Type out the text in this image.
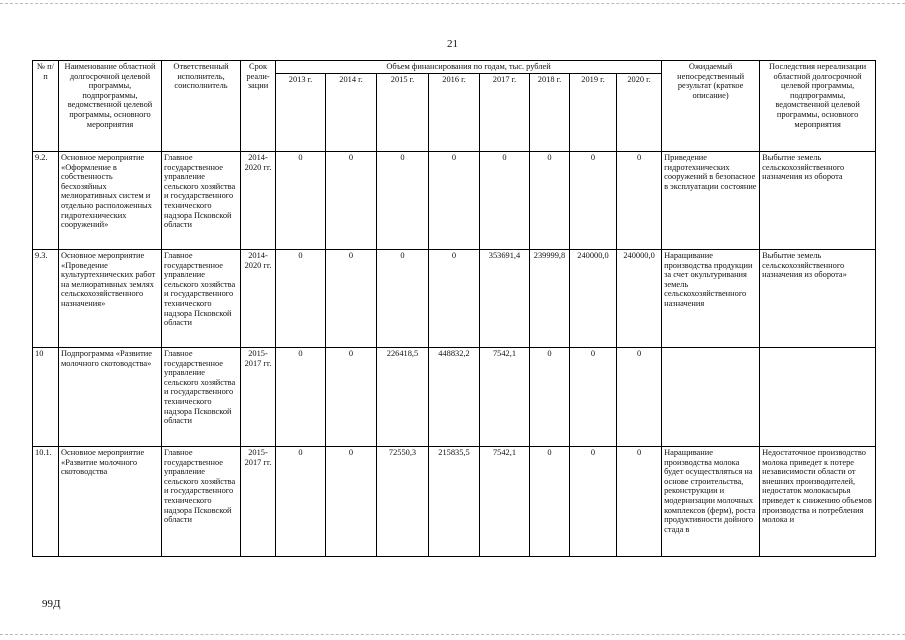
21
№ п/п	Наименование областной долгосрочной целевой программы, подпрограммы, ведомственной целевой программы, основного мероприятия	Ответственный исполнитель, соисполнитель	Срок реали-зации	Объем финансирования по годам, тыс. рублей								Ожидаемый непосредственный результат (краткое описание)	Последствия нереализации областной долгосрочной целевой программы, подпрограммы, ведомственной целевой программы, основного мероприятия
				2013 г.	2014 г.	2015 г.	2016 г.	2017 г.	2018 г.	2019 г.	2020 г.		
9.2.	Основное мероприятие «Оформление в собственность бесхозяйных мелиоративных систем и отдельно расположенных гидротехнических сооружений»	Главное государственное управление сельского хозяйства и государственного технического надзора Псковской области	2014-2020 гг.	0	0	0	0	0	0	0	0	Приведение гидротехнических сооружений в безопасное в эксплуатации состояние	Выбытие земель сельскохозяйственного назначения из оборота
9.3.	Основное мероприятие «Проведение культуртехнических работ на мелиоративных землях сельскохозяйственного назначения»	Главное государственное управление сельского хозяйства и государственного технического надзора Псковской области	2014-2020 гг.	0	0	0	0	353691,4	239999,8	240000,0	240000,0	Наращивание производства продукции за счет окультуривания земель сельскохозяйственного назначения	Выбытие земель сельскохозяйственного назначения из оборота»
10	Подпрограмма «Развитие молочного скотоводства»	Главное государственное управление сельского хозяйства и государственного технического надзора Псковской области	2015-2017 гг.	0	0	226418,5	448832,2	7542,1	0	0	0		
10.1.	Основное мероприятие «Развитие молочного скотоводства	Главное государственное управление сельского хозяйства и государственного технического надзора Псковской области	2015-2017 гг.	0	0	72550,3	215835,5	7542,1	0	0	0	Наращивание производства молока будет осуществляться на основе строительства, реконструкции и модернизации молочных комплексов (ферм), роста продуктивности дойного стада в	Недостаточное производство молока приведет к потере независимости области от внешних производителей, недостаток молокасырья приведет к снижению объемов производства и потребления молока и
99Д
